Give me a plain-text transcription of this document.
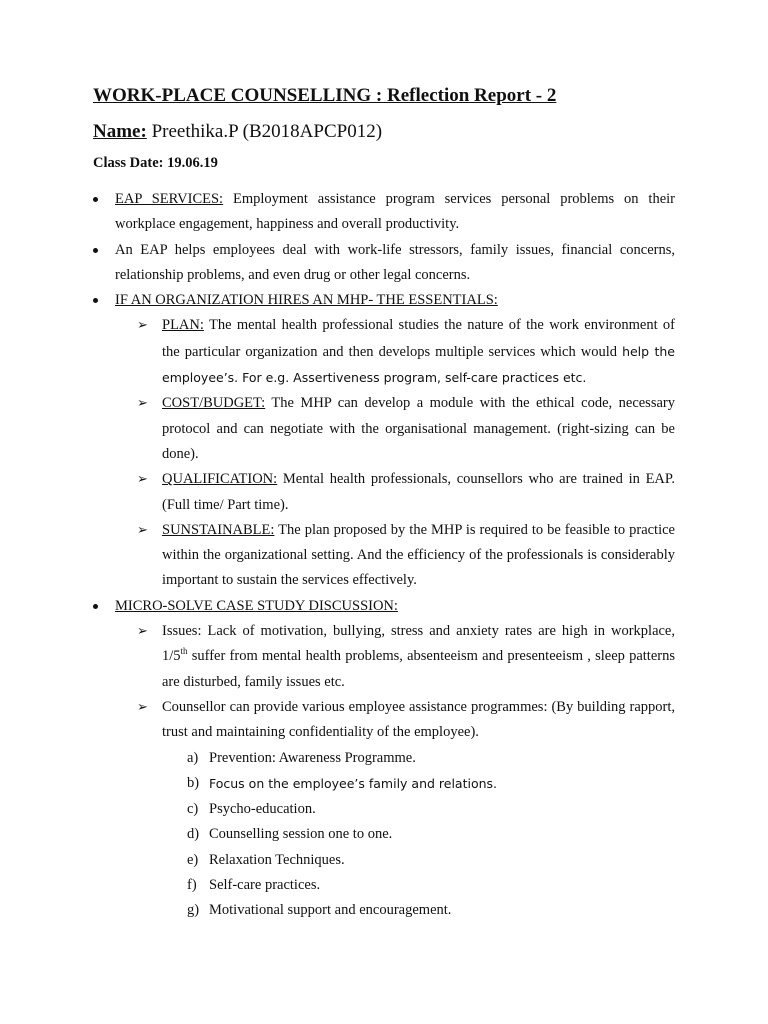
WORK-PLACE COUNSELLING : Reflection Report - 2
Name: Preethika.P (B2018APCP012)
Class Date: 19.06.19
EAP SERVICES: Employment assistance program services personal problems on their workplace engagement, happiness and overall productivity.
An EAP helps employees deal with work-life stressors, family issues, financial concerns, relationship problems, and even drug or other legal concerns.
IF AN ORGANIZATION HIRES AN MHP- THE ESSENTIALS:
➢ PLAN: The mental health professional studies the nature of the work environment of the particular organization and then develops multiple services which would help the employee’s. For e.g. Assertiveness program, self-care practices etc.
➢ COST/BUDGET: The MHP can develop a module with the ethical code, necessary protocol and can negotiate with the organisational management. (right-sizing can be done).
➢ QUALIFICATION: Mental health professionals, counsellors who are trained in EAP. (Full time/ Part time).
➢ SUNSTAINABLE: The plan proposed by the MHP is required to be feasible to practice within the organizational setting. And the efficiency of the professionals is considerably important to sustain the services effectively.
MICRO-SOLVE CASE STUDY DISCUSSION:
➢ Issues: Lack of motivation, bullying, stress and anxiety rates are high in workplace, 1/5th suffer from mental health problems, absenteeism and presenteeism , sleep patterns are disturbed, family issues etc.
➢ Counsellor can provide various employee assistance programmes: (By building rapport, trust and maintaining confidentiality of the employee).
a) Prevention: Awareness Programme.
b) Focus on the employee’s family and relations.
c) Psycho-education.
d) Counselling session one to one.
e) Relaxation Techniques.
f) Self-care practices.
g) Motivational support and encouragement.
